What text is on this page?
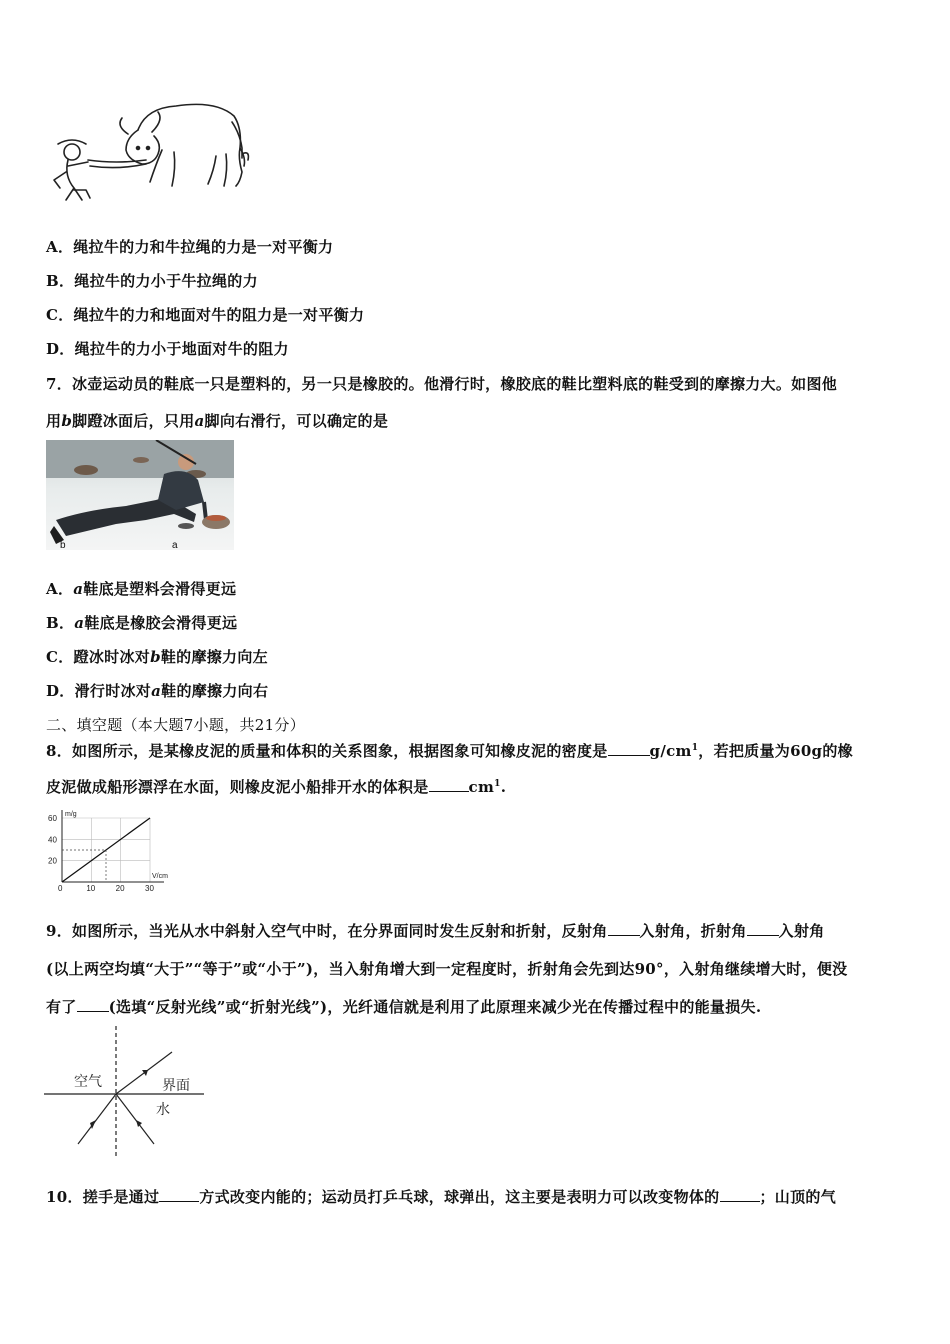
A．绳拉牛的力和牛拉绳的力是一对平衡力
B．绳拉牛的力小于牛拉绳的力
C．绳拉牛的力和地面对牛的阻力是一对平衡力
D．绳拉牛的力小于地面对牛的阻力
7．冰壶运动员的鞋底一只是塑料的，另一只是橡胶的。他滑行时，橡胶底的鞋比塑料底的鞋受到的摩擦力大。如图他
用b脚蹬冰面后，只用a脚向右滑行，可以确定的是
b	a
A．a鞋底是塑料会滑得更远
B．a鞋底是橡胶会滑得更远
C．蹬冰时冰对b鞋的摩擦力向左
D．滑行时冰对a鞋的摩擦力向右
二、填空题（本大题7小题，共21分）
8．如图所示，是某橡皮泥的质量和体积的关系图象，根据图象可知橡皮泥的密度是	$g/cm^1$，若把质量为60g的橡
皮泥做成船形漂浮在水面，则橡皮泥小船排开水的体积是	$cm^1$.
0	10	20	30
20
40
60 m/g
V/cm
9．如图所示，当光从水中斜射入空气中时，在分界面同时发生反射和折射，反射角 入射角，折射角 入射角
(以上两空均填“大于”“等于”或“小于”)，当入射角增大到一定程度时，折射角会先到达90°，入射角继续增大时，便没
有了 (选填“反射光线”或“折射光线”)，光纤通信就是利用了此原理来减少光在传播过程中的能量损失.
空气	界面
水
10．搓手是通过	方式改变内能的；运动员打乒乓球，球弹出，这主要是表明力可以改变物体的	；山顶的气
